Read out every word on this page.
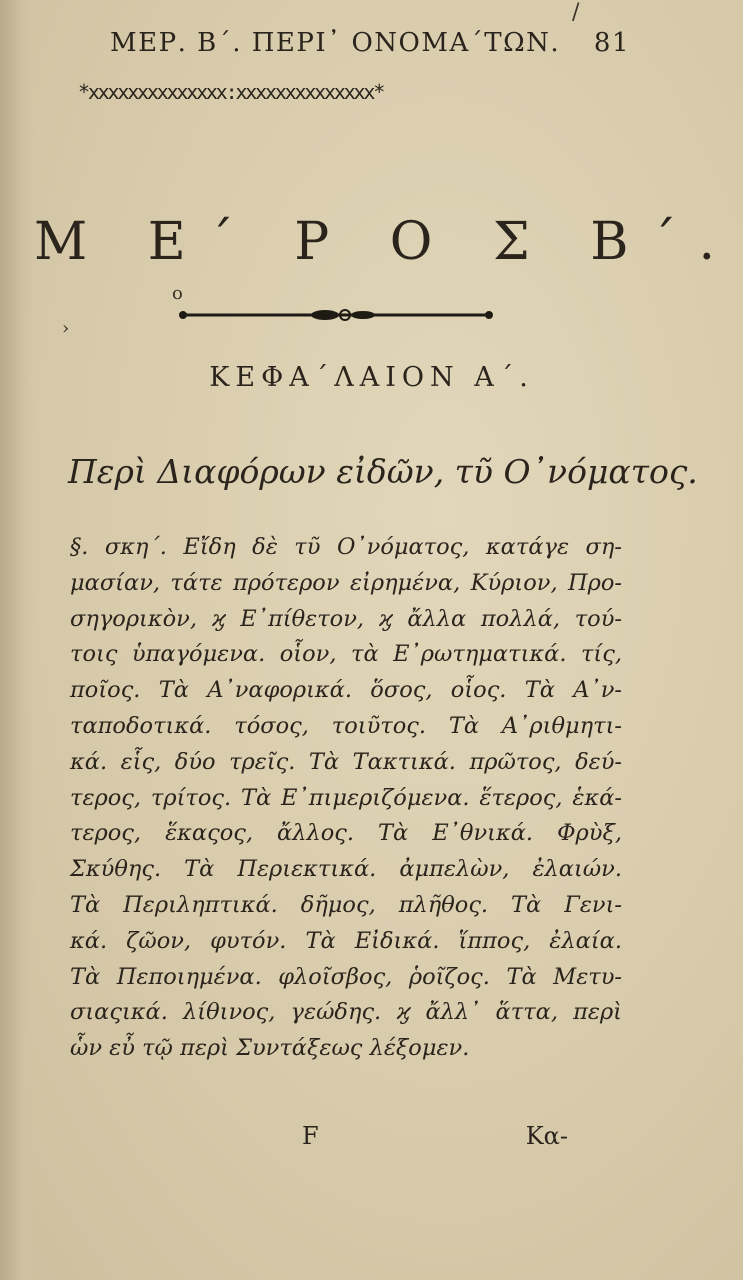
ΜΕΡ. Β΄. ΠΕΡΙ᾿ ΟΝΟΜΑ΄ΤΩΝ. 81
*xxxxxxxxxxxxxx:xxxxxxxxxxxxxx*
Μ Ε΄ Ρ Ο Σ Β΄.
o
›
/
ΚΕΦΑ΄ΛΑΙΟΝ Α΄.
Περὶ Διαφόρων εἰδῶν, τῦ Ο᾿νόματος.
§. σκη΄. Εἴδη δὲ τῦ Ο᾿νόματος, κατάγε ση-
μασίαν, τάτε πρότερον εἰρημένα, Κύριον, Προ-
σηγορικὸν, ϗ Ε᾿πίθετον, ϗ ἄλλα πολλά, τού-
τοις ὑπαγόμενα. οἷον, τὰ Ε᾿ρωτηματικά. τίς,
ποῖος. Τὰ Α᾿ναφορικά. ὅσος, οἷος. Τὰ Α᾿ν-
ταποδοτικά. τόσος, τοιῦτος. Τὰ Α᾿ριθμητι-
κά. εἷς, δύο τρεῖς. Τὰ Τακτικά. πρῶτος, δεύ-
τερος, τρίτος. Τὰ Ε᾿πιμεριζόμενα. ἕτερος, ἑκά-
τερος, ἕκαςος, ἄλλος. Τὰ Ε᾿θνικά. Φρὺξ,
Σκύθης. Τὰ Περιεκτικά. ἀμπελὼν, ἐλαιών.
Τὰ Περιληπτικά. δῆμος, πλῆθος. Τὰ Γενι-
κά. ζῶον, φυτόν. Τὰ Εἰδικά. ἵππος, ἐλαία.
Τὰ Πεποιημένα. φλοῖσβος, ῥοῖζος. Τὰ Μετυ-
σιαςικά. λίθινος, γεώδης. ϗ ἄλλ᾿ ἅττα, περὶ
ὧν εὖ τῷ περὶ Συντάξεως λέξομεν.
F	Κα-
